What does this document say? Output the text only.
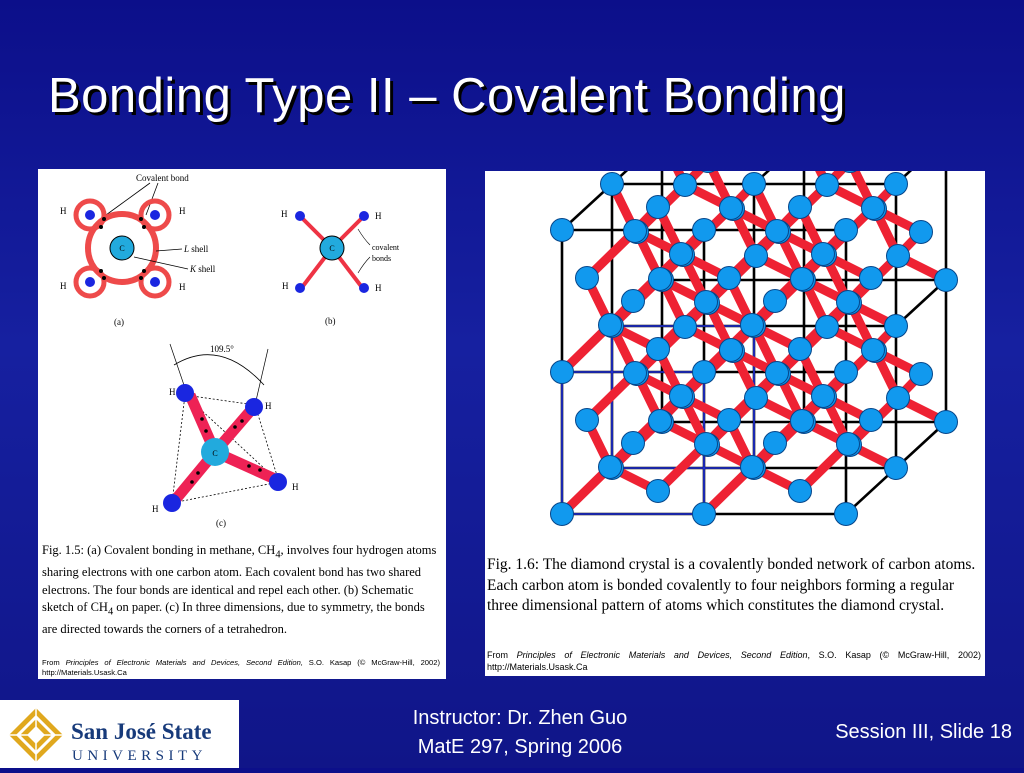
Bonding Type II – Covalent Bonding
Covalent bond
C
H	H
H	H
L shell
K shell
(a)
C
H	H
H	H
covalent
bonds
(b)
109.5°
C
H
H
H
H
(c)
Fig. 1.5: (a) Covalent bonding in methane, $CH_4$, involves four hydrogen atoms sharing electrons with one carbon atom. Each covalent bond has two shared electrons. The four bonds are identical and repel each other. (b) Schematic sketch of $CH_4$ on paper. (c) In three dimensions, due to symmetry, the bonds are directed towards the corners of a tetrahedron.
From Principles of Electronic Materials and Devices, Second Edition, S.O. Kasap (© McGraw-Hill, 2002)
http://Materials.Usask.Ca
Fig. 1.6: The diamond crystal is a covalently bonded network of carbon atoms. Each carbon atom is bonded covalently to four neighbors forming a regular three dimensional pattern of atoms which constitutes the diamond crystal.
From Principles of Electronic Materials and Devices, Second Edition, S.O. Kasap (© McGraw-Hill, 2002)
http://Materials.Usask.Ca
San José State
UNIVERSITY
Instructor: Dr. Zhen Guo
MatE 297, Spring 2006
Session III, Slide 18
